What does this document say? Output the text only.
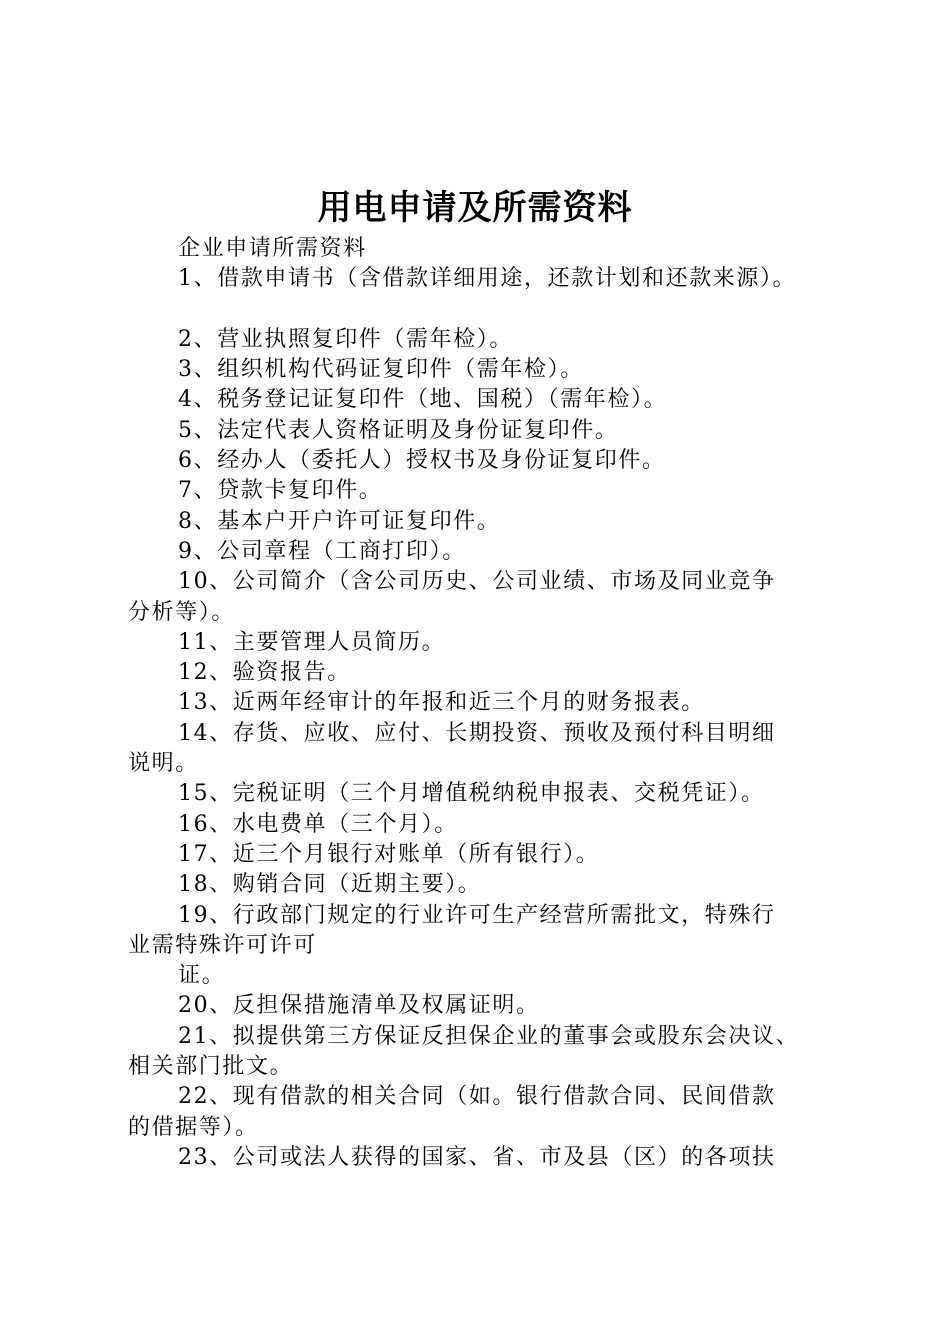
用电申请及所需资料
企业申请所需资料
1、借款申请书（含借款详细用途，还款计划和还款来源）。
2、营业执照复印件（需年检）。
3、组织机构代码证复印件（需年检）。
4、税务登记证复印件（地、国税）（需年检）。
5、法定代表人资格证明及身份证复印件。
6、经办人（委托人）授权书及身份证复印件。
7、贷款卡复印件。
8、基本户开户许可证复印件。
9、公司章程（工商打印）。
10、公司简介（含公司历史、公司业绩、市场及同业竞争
分析等）。
11、主要管理人员简历。
12、验资报告。
13、近两年经审计的年报和近三个月的财务报表。
14、存货、应收、应付、长期投资、预收及预付科目明细
说明。
15、完税证明（三个月增值税纳税申报表、交税凭证）。
16、水电费单（三个月）。
17、近三个月银行对账单（所有银行）。
18、购销合同（近期主要）。
19、行政部门规定的行业许可生产经营所需批文，特殊行
业需特殊许可许可
证。
20、反担保措施清单及权属证明。
21、拟提供第三方保证反担保企业的董事会或股东会决议、
相关部门批文。
22、现有借款的相关合同（如。银行借款合同、民间借款
的借据等）。
23、公司或法人获得的国家、省、市及县（区）的各项扶
